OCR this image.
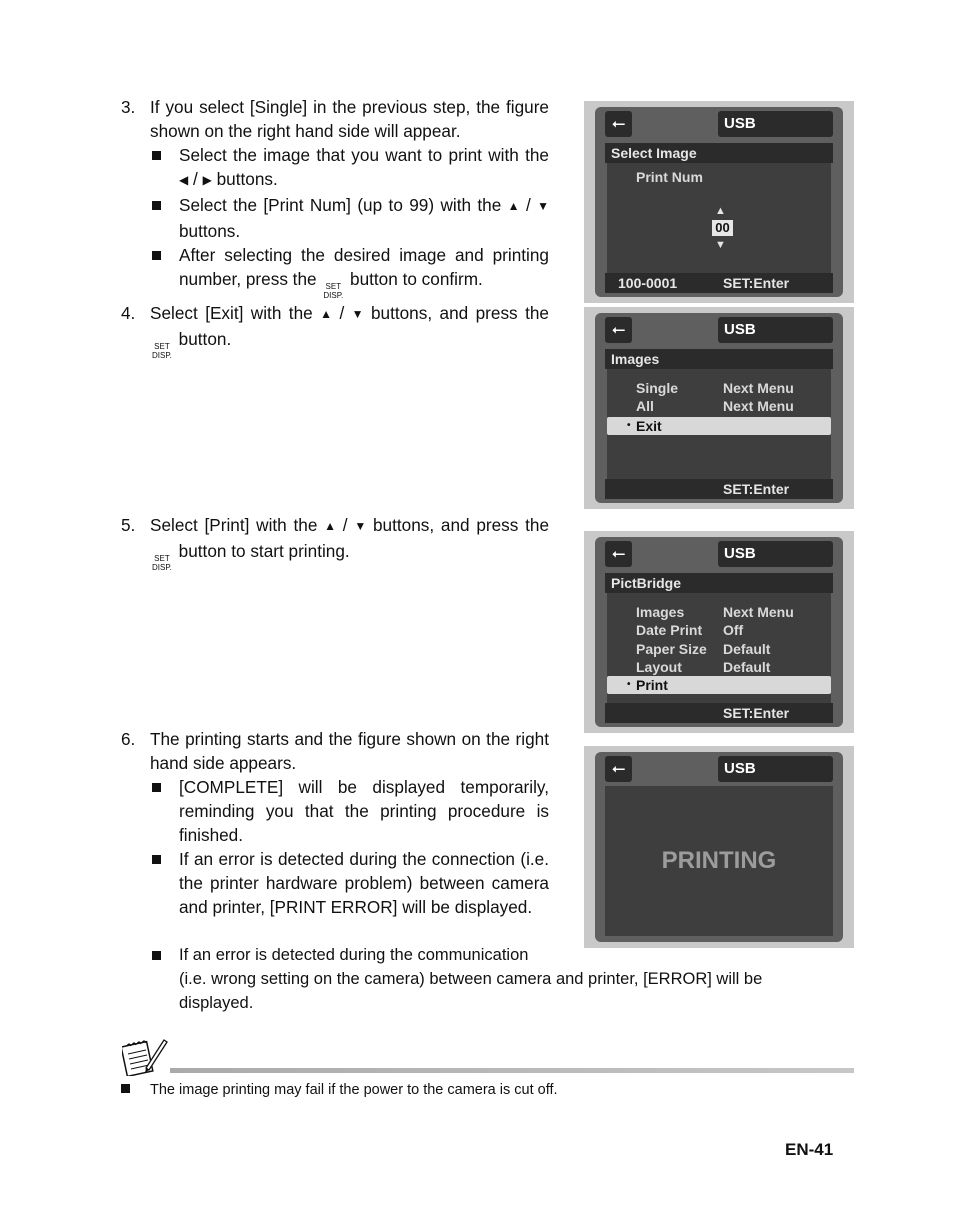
3. If you select [Single] in the previous step, the figure shown on the right hand side will appear.
Select the image that you want to print with the ◀ / ▶ buttons.
Select the [Print Num] (up to 99) with the ▲ / ▼ buttons.
After selecting the desired image and printing number, press the SET
DISP.
button to confirm.
4. Select [Exit] with the ▲ / ▼ buttons, and press the
SET
DISP.
button.
5. Select [Print] with the ▲ / ▼ buttons, and press the
SET
DISP.
button to start printing.
6. The printing starts and the figure shown on the right hand side appears.
[COMPLETE] will be displayed temporarily, reminding you that the printing procedure is finished.
If an error is detected during the connection (i.e. the printer hardware problem) between camera and printer, [PRINT ERROR] will be displayed.
If an error is detected during the communication
(i.e. wrong setting on the camera) between camera and printer, [ERROR] will be displayed.
⭠	USB
Select Image
Print Num
▲
00
▼
100-0001	SET:Enter
⭠	USB
Images
Single	Next Menu
All	Next Menu
• Exit
SET:Enter
⭠	USB
PictBridge
Images	Next Menu
Date Print Off
Paper Size Default
Layout	Default
• Print
SET:Enter
⭠	USB
PRINTING
The image printing may fail if the power to the camera is cut off.
EN-41
